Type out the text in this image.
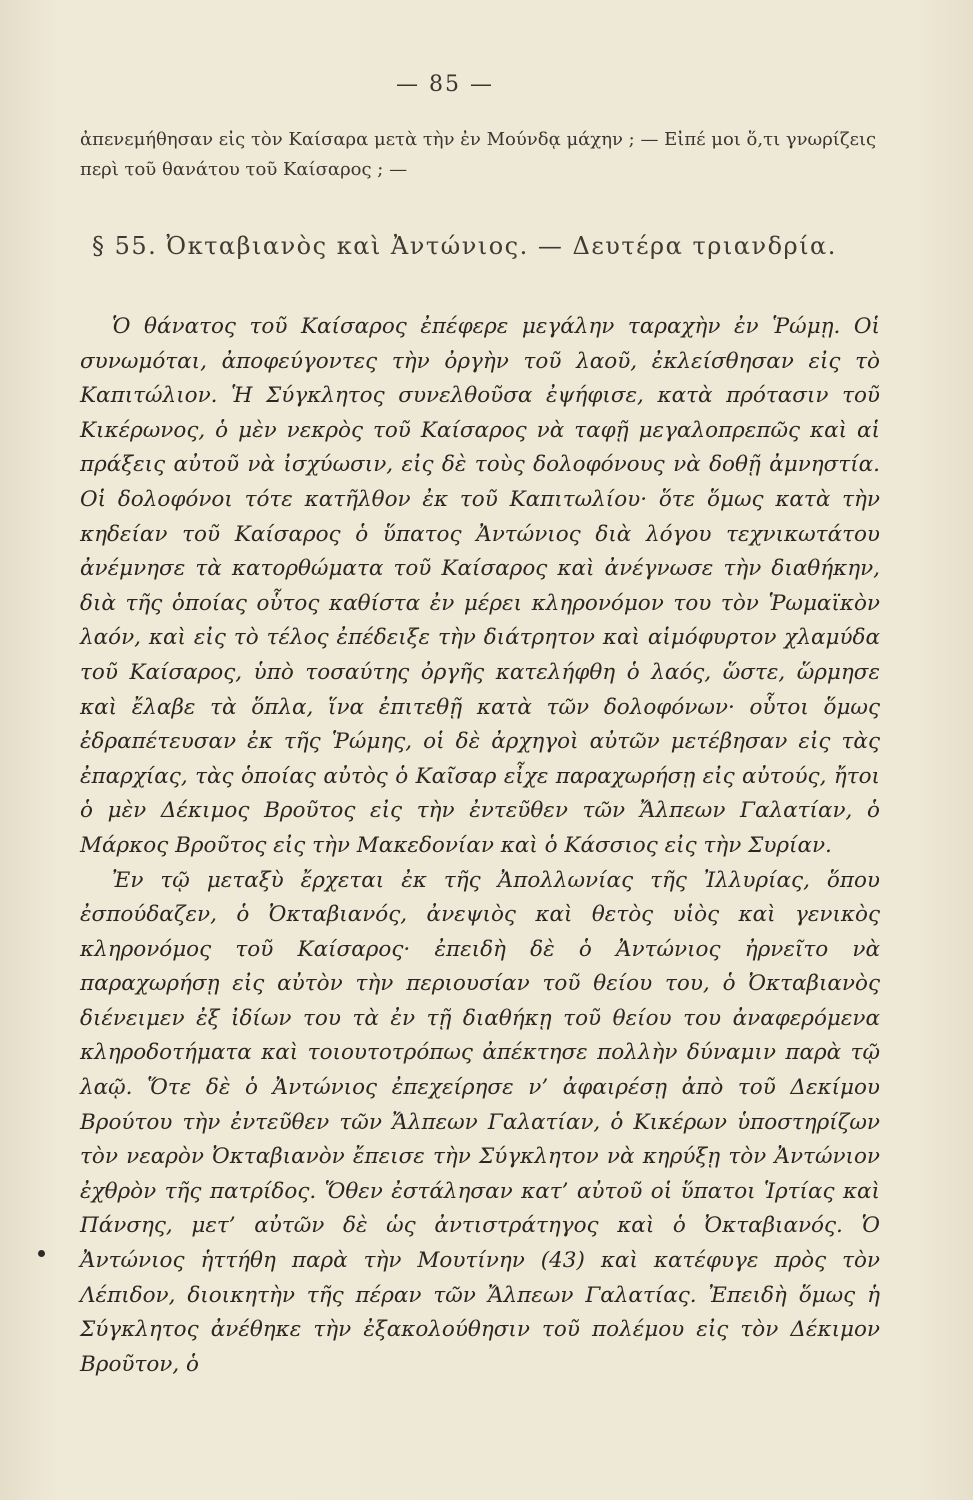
— 85 —

ἀπενεμήθησαν εἰς τὸν Καίσαρα μετὰ τὴν ἐν Μούνδᾳ μάχην ; — Εἰπέ μοι ὅ,τι γνωρίζεις περὶ τοῦ θανάτου τοῦ Καίσαρος ; —

§ 55. Ὀκταβιανὸς καὶ Ἀντώνιος. — Δευτέρα τριανδρία.

Ὁ θάνατος τοῦ Καίσαρος ἐπέφερε μεγάλην ταραχὴν ἐν Ῥώμῃ. Οἱ συνωμόται, ἀποφεύγοντες τὴν ὀργὴν τοῦ λαοῦ, ἐκλείσθησαν εἰς τὸ Καπιτώλιον. Ἡ Σύγκλητος συνελθοῦσα ἐψήφισε, κατὰ πρότασιν τοῦ Κικέρωνος, ὁ μὲν νεκρὸς τοῦ Καίσαρος νὰ ταφῇ μεγαλοπρεπῶς καὶ αἱ πράξεις αὐτοῦ νὰ ἰσχύωσιν, εἰς δὲ τοὺς δολοφόνους νὰ δοθῇ ἀμνηστία. Οἱ δολοφόνοι τότε κατῆλθον ἐκ τοῦ Καπιτωλίου· ὅτε ὅμως κατὰ τὴν κηδείαν τοῦ Καίσαρος ὁ ὕπατος Ἀντώνιος διὰ λόγου τεχνικωτάτου ἀνέμνησε τὰ κατορθώματα τοῦ Καίσαρος καὶ ἀνέγνωσε τὴν διαθήκην, διὰ τῆς ὁποίας οὗτος καθίστα ἐν μέρει κληρονόμον του τὸν Ῥωμαϊκὸν λαόν, καὶ εἰς τὸ τέλος ἐπέδειξε τὴν διάτρητον καὶ αἱμόφυρτον χλαμύδα τοῦ Καίσαρος, ὑπὸ τοσαύτης ὀργῆς κατελήφθη ὁ λαός, ὥστε, ὥρμησε καὶ ἔλαβε τὰ ὅπλα, ἵνα ἐπιτεθῇ κατὰ τῶν δολοφόνων· οὗτοι ὅμως ἐδραπέτευσαν ἐκ τῆς Ῥώμης, οἱ δὲ ἀρχηγοὶ αὐτῶν μετέβησαν εἰς τὰς ἐπαρχίας, τὰς ὁποίας αὐτὸς ὁ Καῖσαρ εἶχε παραχωρήσῃ εἰς αὐτούς, ἤτοι ὁ μὲν Δέκιμος Βροῦτος εἰς τὴν ἐντεῦθεν τῶν Ἄλπεων Γαλατίαν, ὁ Μάρκος Βροῦτος εἰς τὴν Μακεδονίαν καὶ ὁ Κάσσιος εἰς τὴν Συρίαν.

Ἐν τῷ μεταξὺ ἔρχεται ἐκ τῆς Ἀπολλωνίας τῆς Ἰλλυρίας, ὅπου ἐσπούδαζεν, ὁ Ὀκταβιανός, ἀνεψιὸς καὶ θετὸς υἱὸς καὶ γενικὸς κληρονόμος τοῦ Καίσαρος· ἐπειδὴ δὲ ὁ Ἀντώνιος ἠρνεῖτο νὰ παραχωρήσῃ εἰς αὐτὸν τὴν περιουσίαν τοῦ θείου του, ὁ Ὀκταβιανὸς διένειμεν ἐξ ἰδίων του τὰ ἐν τῇ διαθήκῃ τοῦ θείου του ἀναφερόμενα κληροδοτήματα καὶ τοιουτοτρόπως ἀπέκτησε πολλὴν δύναμιν παρὰ τῷ λαῷ. Ὅτε δὲ ὁ Ἀντώνιος ἐπεχείρησε ν’ ἀφαιρέσῃ ἀπὸ τοῦ Δεκίμου Βρούτου τὴν ἐντεῦθεν τῶν Ἄλπεων Γαλατίαν, ὁ Κικέρων ὑποστηρίζων τὸν νεαρὸν Ὀκταβιανὸν ἔπεισε τὴν Σύγκλητον νὰ κηρύξῃ τὸν Ἀντώνιον ἐχθρὸν τῆς πατρίδος. Ὅθεν ἐστάλησαν κατ’ αὐτοῦ οἱ ὕπατοι Ἱρτίας καὶ Πάνσης, μετ’ αὐτῶν δὲ ὡς ἀντιστράτηγος καὶ ὁ Ὀκταβιανός. Ὁ Ἀντώνιος ἡττήθη παρὰ τὴν Μουτίνην (43) καὶ κατέφυγε πρὸς τὸν Λέπιδον, διοικητὴν τῆς πέραν τῶν Ἄλπεων Γαλατίας. Ἐπειδὴ ὅμως ἡ Σύγκλητος ἀνέθηκε τὴν ἐξακολούθησιν τοῦ πολέμου εἰς τὸν Δέκιμον Βροῦτον, ὁ
